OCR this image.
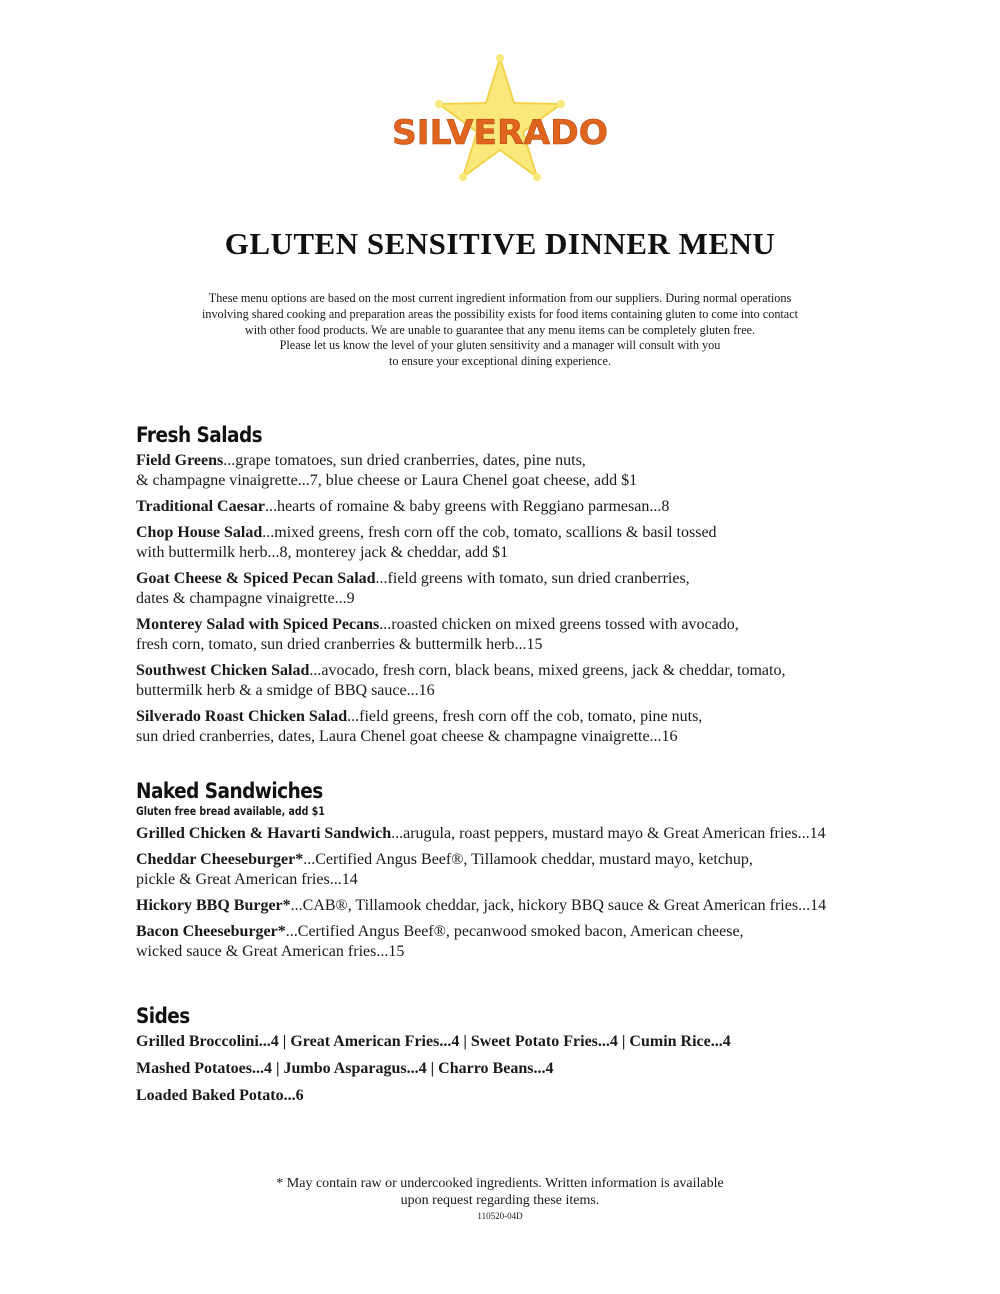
SILVERADO
GLUTEN SENSITIVE DINNER MENU
These menu options are based on the most current ingredient information from our suppliers. During normal operations
involving shared cooking and preparation areas the possibility exists for food items containing gluten to come into contact
with other food products. We are unable to guarantee that any menu items can be completely gluten free.
Please let us know the level of your gluten sensitivity and a manager will consult with you
to ensure your exceptional dining experience.
Fresh Salads
Field Greens...grape tomatoes, sun dried cranberries, dates, pine nuts,
& champagne vinaigrette...7, blue cheese or Laura Chenel goat cheese, add $1
Traditional Caesar...hearts of romaine & baby greens with Reggiano parmesan...8
Chop House Salad...mixed greens, fresh corn off the cob, tomato, scallions & basil tossed
with buttermilk herb...8, monterey jack & cheddar, add $1
Goat Cheese & Spiced Pecan Salad...field greens with tomato, sun dried cranberries,
dates & champagne vinaigrette...9
Monterey Salad with Spiced Pecans...roasted chicken on mixed greens tossed with avocado,
fresh corn, tomato, sun dried cranberries & buttermilk herb...15
Southwest Chicken Salad...avocado, fresh corn, black beans, mixed greens, jack & cheddar, tomato,
buttermilk herb & a smidge of BBQ sauce...16
Silverado Roast Chicken Salad...field greens, fresh corn off the cob, tomato, pine nuts,
sun dried cranberries, dates, Laura Chenel goat cheese & champagne vinaigrette...16
Naked Sandwiches
Gluten free bread available, add $1
Grilled Chicken & Havarti Sandwich...arugula, roast peppers, mustard mayo & Great American fries...14
Cheddar Cheeseburger*...Certified Angus Beef®, Tillamook cheddar, mustard mayo, ketchup,
pickle & Great American fries...14
Hickory BBQ Burger*...CAB®, Tillamook cheddar, jack, hickory BBQ sauce & Great American fries...14
Bacon Cheeseburger*...Certified Angus Beef®, pecanwood smoked bacon, American cheese,
wicked sauce & Great American fries...15
Sides
Grilled Broccolini...4 | Great American Fries...4 | Sweet Potato Fries...4 | Cumin Rice...4
Mashed Potatoes...4 | Jumbo Asparagus...4 | Charro Beans...4
Loaded Baked Potato...6
* May contain raw or undercooked ingredients. Written information is available
upon request regarding these items.
110520-04D
